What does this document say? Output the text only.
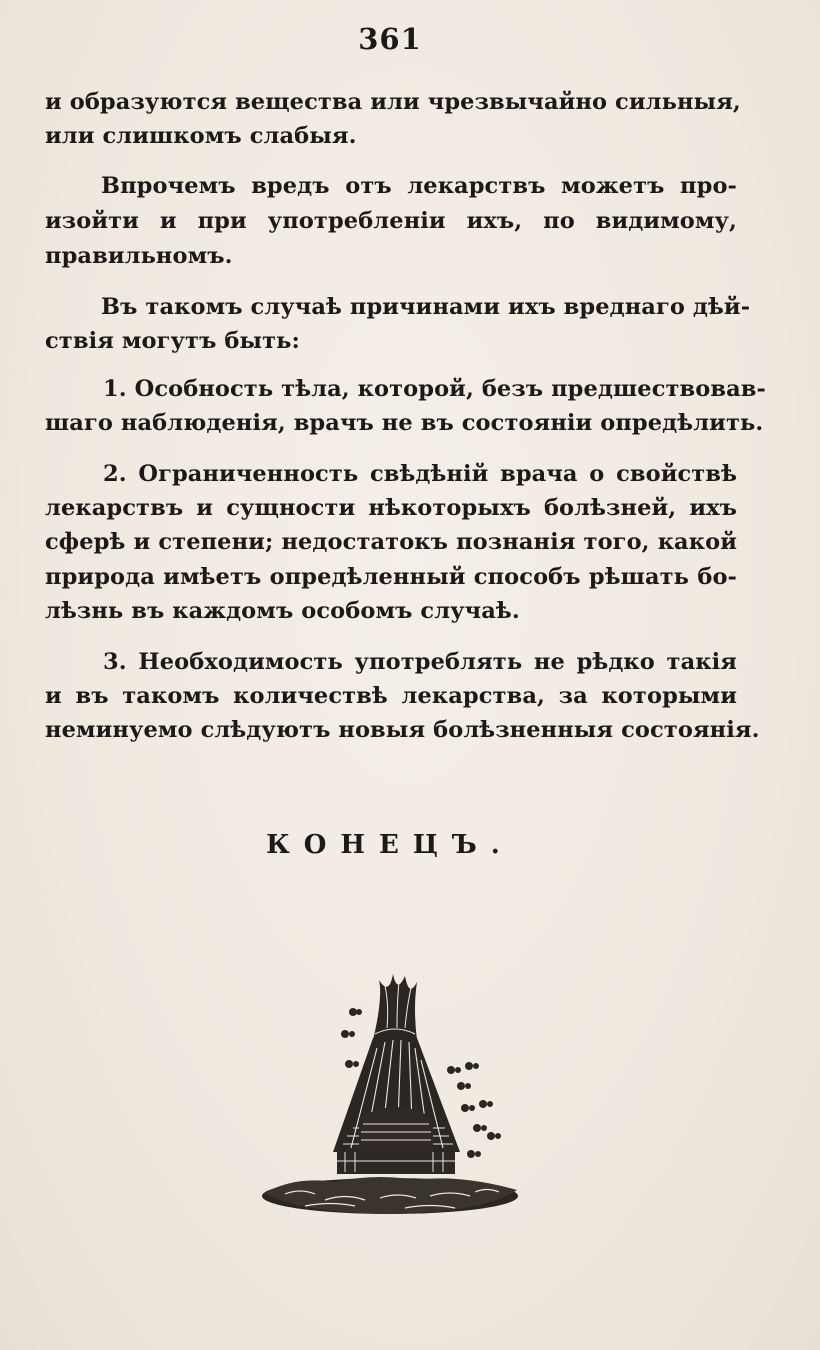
361
и образуются вещества или чрезвычайно сильныя,
или слишкомъ слабыя.
Впрочемъ вредъ отъ лекарствъ можетъ про-
изойти и при употребленіи ихъ, по видимому,
правильномъ.
Въ такомъ случаѣ причинами ихъ вреднаго дѣй-
ствія могутъ быть:
1. Особность тѣла, которой, безъ предшествовав-
шаго наблюденія, врачъ не въ состояніи опредѣлить.
2. Ограниченность свѣдѣній врача о свойствѣ
лекарствъ и сущности нѣкоторыхъ болѣзней, ихъ
сферѣ и степени; недостатокъ познанія того, какой
природа имѣетъ опредѣленный способъ рѣшать бо-
лѣзнь въ каждомъ особомъ случаѣ.
3. Необходимость употреблять не рѣдко такія
и въ такомъ количествѣ лекарства, за которыми
неминуемо слѣдуютъ новыя болѣзненныя состоянія.
КОНЕЦЪ.
